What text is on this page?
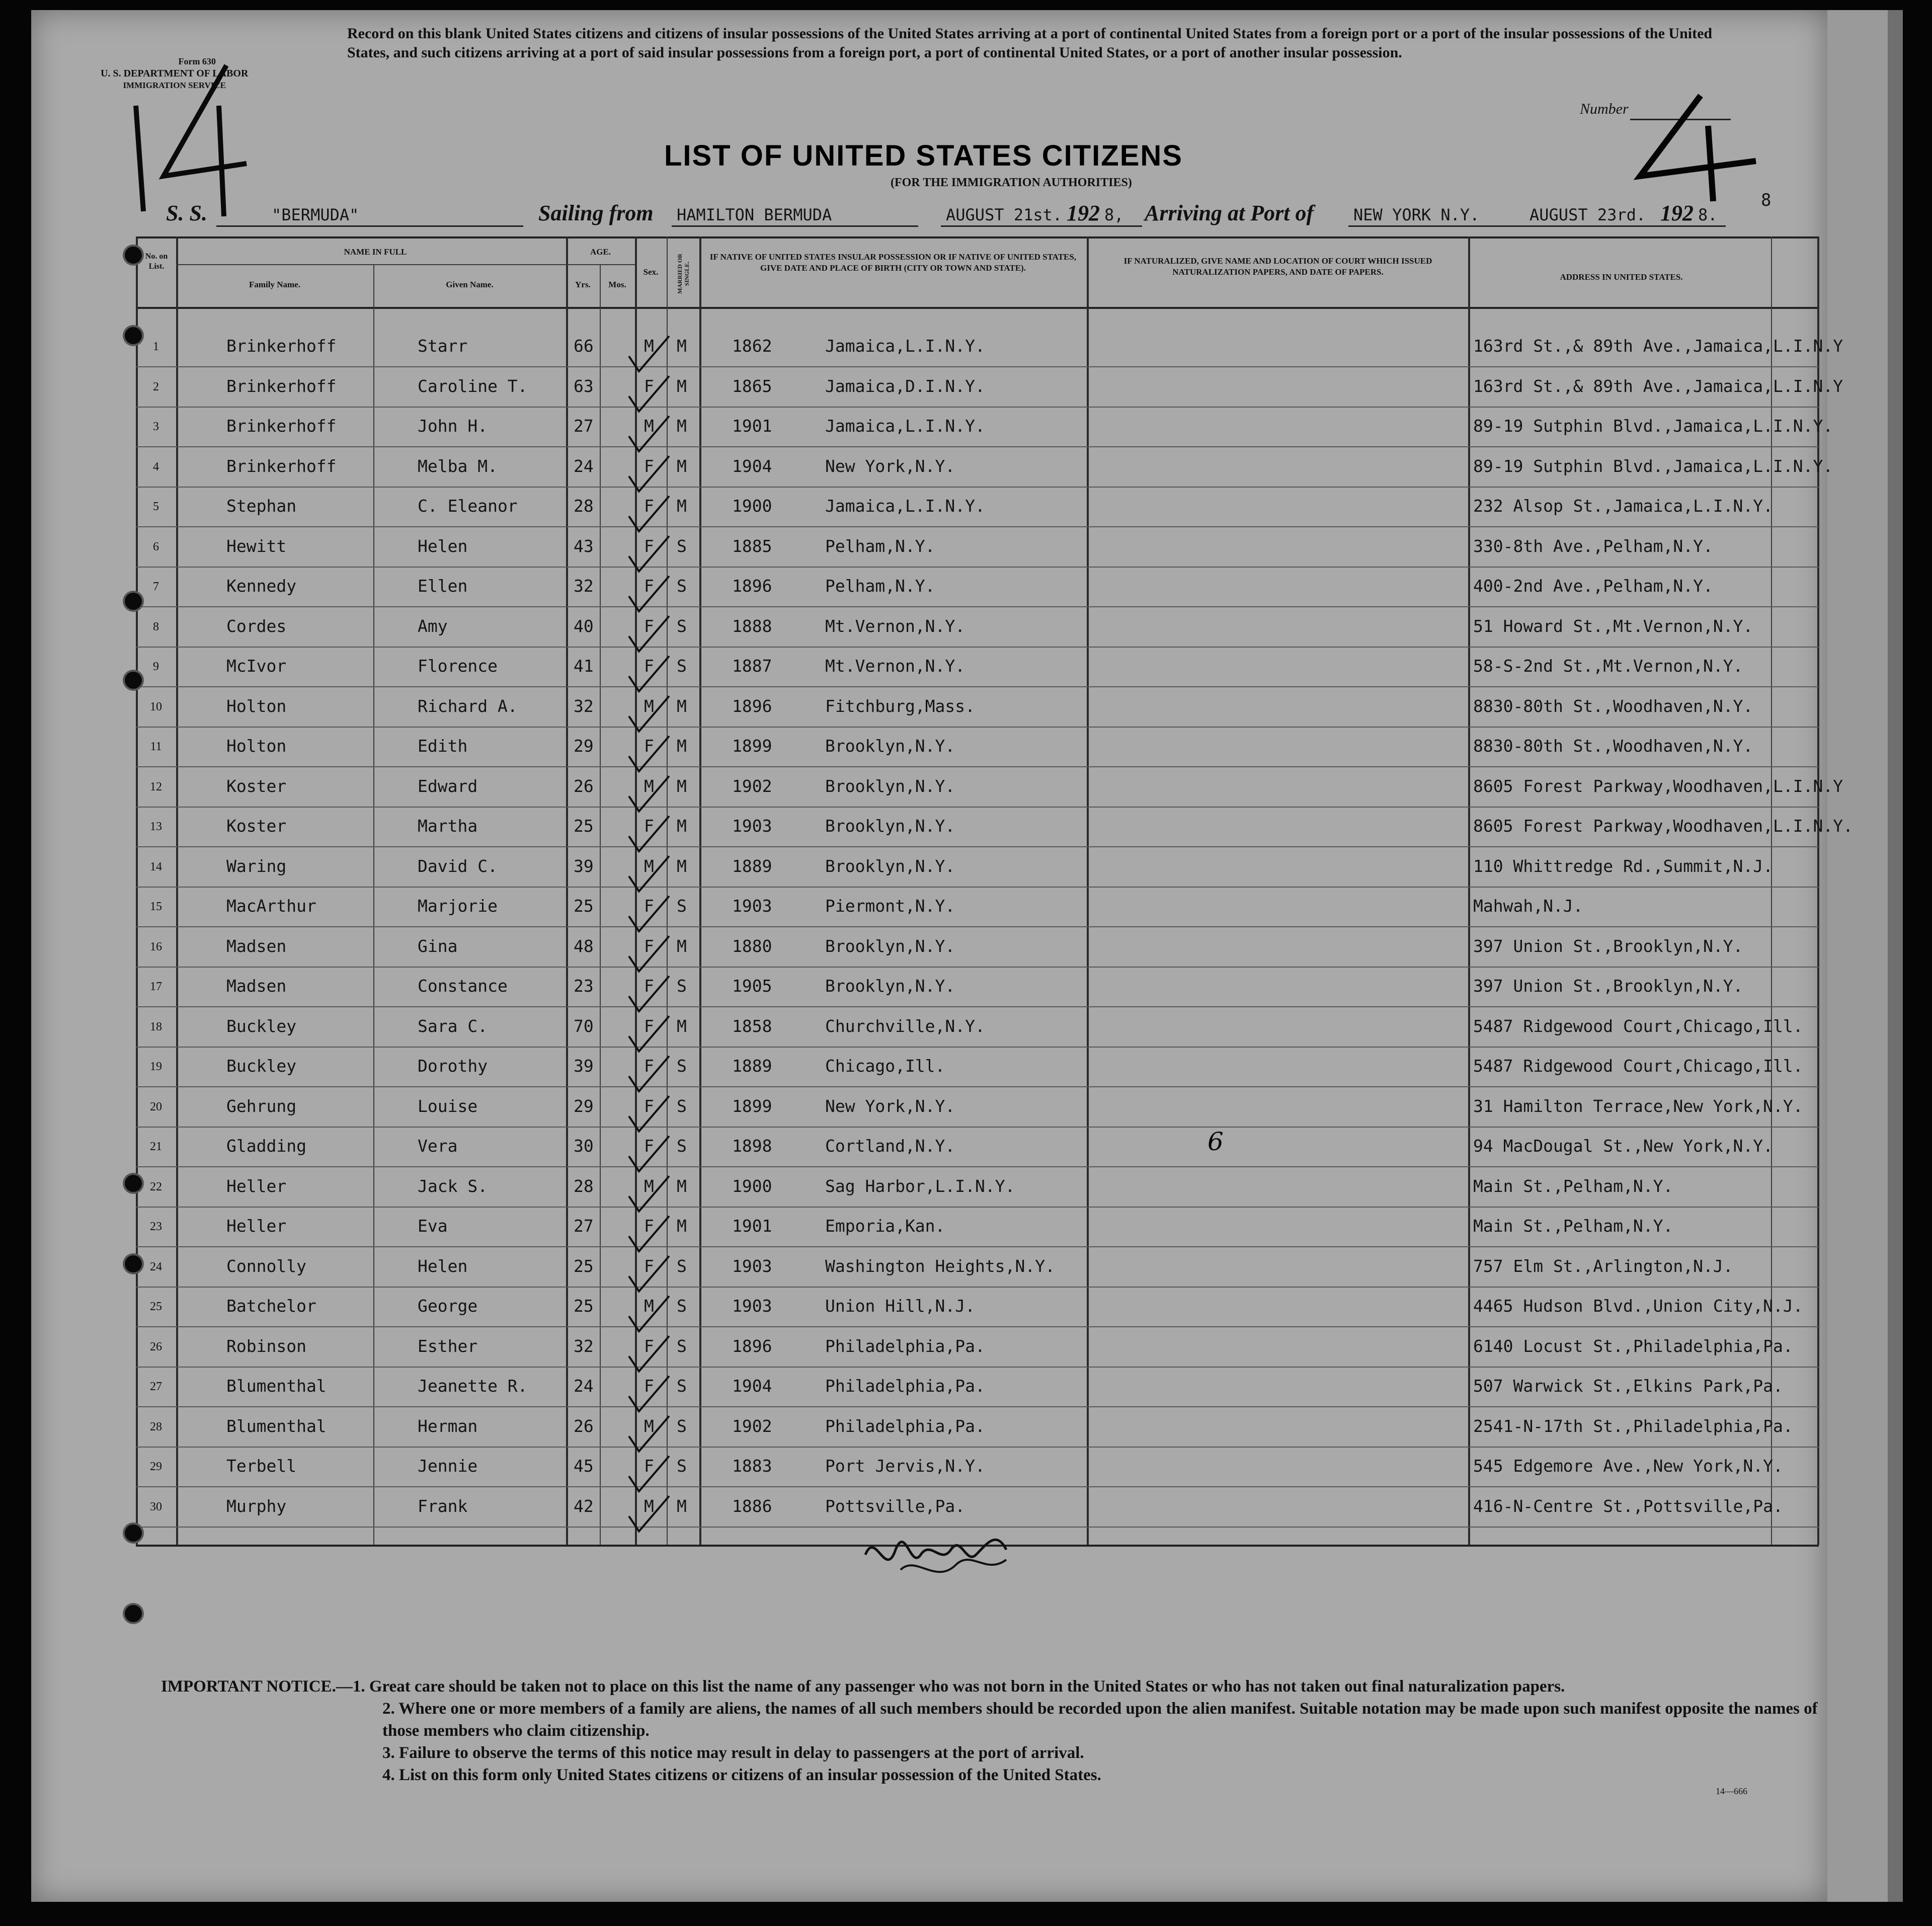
Form 630
U. S. DEPARTMENT OF LABOR
IMMIGRATION SERVICE
Record on this blank United States citizens and citizens of insular possessions of the United States arriving at a port of continental United States from a foreign port or a port of the insular possessions of the United States, and such citizens arriving at a port of said insular possessions from a foreign port, a port of continental United States, or a port of another insular possession.
Number
LIST OF UNITED STATES CITIZENS
(FOR THE IMMIGRATION AUTHORITIES)
S. S.	"BERMUDA"	Sailing from HAMILTON BERMUDA	AUGUST 21st. 192 8, Arriving at Port of NEW YORK N.Y.	AUGUST 23rd. 192 8.
8
No. on List.
NAME IN FULL
Family Name.	Given Name.
AGE.
Yrs.	Mos.
Sex.	MARRIED OR SINGLE.
IF NATIVE OF UNITED STATES INSULAR POSSESSION OR IF NATIVE OF UNITED STATES, GIVE DATE AND PLACE OF BIRTH (CITY OR TOWN AND STATE).
IF NATURALIZED, GIVE NAME AND LOCATION OF COURT WHICH ISSUED NATURALIZATION PAPERS, AND DATE OF PAPERS.
ADDRESS IN UNITED STATES.
1	Brinkerhoff	Starr	66	M M	1862	Jamaica,L.I.N.Y.	163rd St.,& 89th Ave.,Jamaica,L.I.N.Y
2	Brinkerhoff	Caroline T.	63	F M	1865	Jamaica,D.I.N.Y.	163rd St.,& 89th Ave.,Jamaica,L.I.N.Y
3	Brinkerhoff	John H.	27	M M	1901	Jamaica,L.I.N.Y.	89-19 Sutphin Blvd.,Jamaica,L.I.N.Y.
4	Brinkerhoff	Melba M.	24	F M	1904	New York,N.Y.	89-19 Sutphin Blvd.,Jamaica,L.I.N.Y.
5	Stephan	C. Eleanor	28	F M	1900	Jamaica,L.I.N.Y.	232 Alsop St.,Jamaica,L.I.N.Y.
6	Hewitt	Helen	43	F S	1885	Pelham,N.Y.	330-8th Ave.,Pelham,N.Y.
7	Kennedy	Ellen	32	F S	1896	Pelham,N.Y.	400-2nd Ave.,Pelham,N.Y.
8	Cordes	Amy	40	F S	1888	Mt.Vernon,N.Y.	51 Howard St.,Mt.Vernon,N.Y.
9	McIvor	Florence	41	F S	1887	Mt.Vernon,N.Y.	58-S-2nd St.,Mt.Vernon,N.Y.
10	Holton	Richard A.	32	M M	1896	Fitchburg,Mass.	8830-80th St.,Woodhaven,N.Y.
11	Holton	Edith	29	F M	1899	Brooklyn,N.Y.	8830-80th St.,Woodhaven,N.Y.
12	Koster	Edward	26	M M	1902	Brooklyn,N.Y.	8605 Forest Parkway,Woodhaven,L.I.N.Y
13	Koster	Martha	25	F M	1903	Brooklyn,N.Y.	8605 Forest Parkway,Woodhaven,L.I.N.Y.
14	Waring	David C.	39	M M	1889	Brooklyn,N.Y.	110 Whittredge Rd.,Summit,N.J.
15	MacArthur	Marjorie	25	F S	1903	Piermont,N.Y.	Mahwah,N.J.
16	Madsen	Gina	48	F M	1880	Brooklyn,N.Y.	397 Union St.,Brooklyn,N.Y.
17	Madsen	Constance	23	F S	1905	Brooklyn,N.Y.	397 Union St.,Brooklyn,N.Y.
18	Buckley	Sara C.	70	F M	1858	Churchville,N.Y.	5487 Ridgewood Court,Chicago,Ill.
19	Buckley	Dorothy	39	F S	1889	Chicago,Ill.	5487 Ridgewood Court,Chicago,Ill.
20	Gehrung	Louise	29	F S	1899	New York,N.Y.	31 Hamilton Terrace,New York,N.Y.
21	Gladding	Vera	30	F S	1898	Cortland,N.Y.	94 MacDougal St.,New York,N.Y.
22	Heller	Jack S.	28	M M	1900	Sag Harbor,L.I.N.Y.	Main St.,Pelham,N.Y.
23	Heller	Eva	27	F M	1901	Emporia,Kan.	Main St.,Pelham,N.Y.
24	Connolly	Helen	25	F S	1903	Washington Heights,N.Y.	757 Elm St.,Arlington,N.J.
25	Batchelor	George	25	M S	1903	Union Hill,N.J.	4465 Hudson Blvd.,Union City,N.J.
26	Robinson	Esther	32	F S	1896	Philadelphia,Pa.	6140 Locust St.,Philadelphia,Pa.
27	Blumenthal	Jeanette R.	24	F S	1904	Philadelphia,Pa.	507 Warwick St.,Elkins Park,Pa.
28	Blumenthal	Herman	26	M S	1902	Philadelphia,Pa.	2541-N-17th St.,Philadelphia,Pa.
29	Terbell	Jennie	45	F S	1883	Port Jervis,N.Y.	545 Edgemore Ave.,New York,N.Y.
30	Murphy	Frank	42	M M	1886	Pottsville,Pa.	416-N-Centre St.,Pottsville,Pa.
6
IMPORTANT NOTICE.—1. Great care should be taken not to place on this list the name of any passenger who was not born in the United States or who has not taken out final naturalization papers.
2. Where one or more members of a family are aliens, the names of all such members should be recorded upon the alien manifest. Suitable notation may be made upon such manifest opposite the names of those members who claim citizenship.
3. Failure to observe the terms of this notice may result in delay to passengers at the port of arrival.
4. List on this form only United States citizens or citizens of an insular possession of the United States.
14—666
